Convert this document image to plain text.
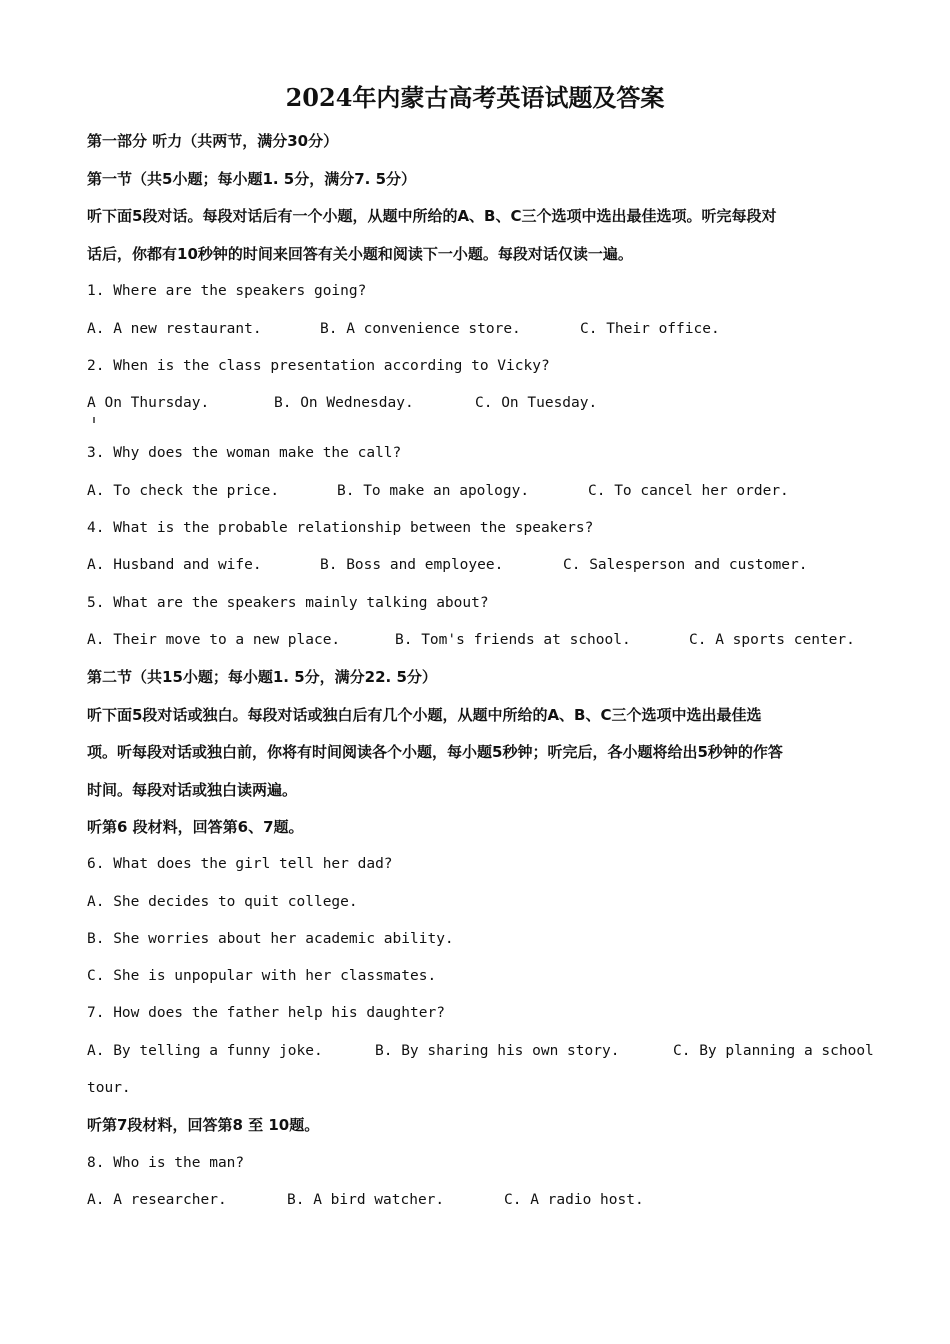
2024年内蒙古高考英语试题及答案
第一部分 听力（共两节，满分30分）
第一节（共5小题；每小题1. 5分，满分7. 5分）
听下面5段对话。每段对话后有一个小题，从题中所给的A、B、C三个选项中选出最佳选项。听完每段对
话后，你都有10秒钟的时间来回答有关小题和阅读下一小题。每段对话仅读一遍。
1. Where are the speakers going?
A. A new restaurant.	B. A convenience store.	C. Their office.
2. When is the class presentation according to Vicky?
A On Thursday.	B. On Wednesday.	C. On Tuesday.
3. Why does the woman make the call?
A. To check the price.	B. To make an apology.	C. To cancel her order.
4. What is the probable relationship between the speakers?
A. Husband and wife.	B. Boss and employee.	C. Salesperson and customer.
5. What are the speakers mainly talking about?
A. Their move to a new place.	B. Tom's friends at school.	C. A sports center.
第二节（共15小题；每小题1. 5分，满分22. 5分）
听下面5段对话或独白。每段对话或独白后有几个小题，从题中所给的A、B、C三个选项中选出最佳选
项。听每段对话或独白前，你将有时间阅读各个小题，每小题5秒钟；听完后，各小题将给出5秒钟的作答
时间。每段对话或独白读两遍。
听第6 段材料，回答第6、7题。
6. What does the girl tell her dad?
A. She decides to quit college.
B. She worries about her academic ability.
C. She is unpopular with her classmates.
7. How does the father help his daughter?
A. By telling a funny joke.	B. By sharing his own story.	C. By planning a school
tour.
听第7段材料，回答第8 至 10题。
8. Who is the man?
A. A researcher.	B. A bird watcher.	C. A radio host.
